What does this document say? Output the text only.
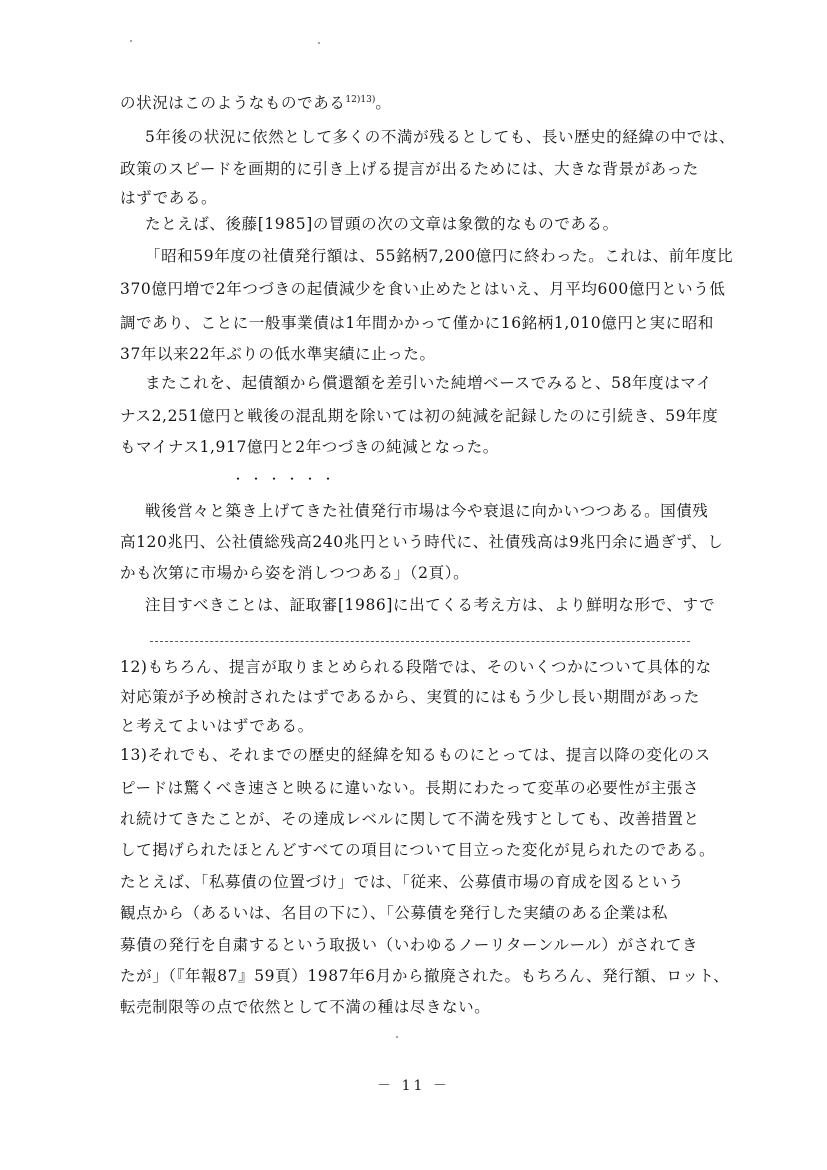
の状況はこのようなものである$^{12)13)}$。
5年後の状況に依然として多くの不満が残るとしても、長い歴史的経緯の中では、
政策のスピードを画期的に引き上げる提言が出るためには、大きな背景があった
はずである。
たとえば、後藤[1985]の冒頭の次の文章は象徴的なものである。
「昭和59年度の社債発行額は、55銘柄7,200億円に終わった。これは、前年度比
370億円増で2年つづきの起債減少を食い止めたとはいえ、月平均600億円という低
調であり、ことに一般事業債は1年間かかって僅かに16銘柄1,010億円と実に昭和
37年以来22年ぶりの低水準実績に止った。
またこれを、起債額から償還額を差引いた純増ベースでみると、58年度はマイ
ナス2,251億円と戦後の混乱期を除いては初の純減を記録したのに引続き、59年度
もマイナス1,917億円と2年つづきの純減となった。
・・・・・・
戦後営々と築き上げてきた社債発行市場は今や衰退に向かいつつある。国債残
高120兆円、公社債総残高240兆円という時代に、社債残高は9兆円余に過ぎず、し
かも次第に市場から姿を消しつつある」（2頁）。
注目すべきことは、証取審[1986]に出てくる考え方は、より鮮明な形で、すで
12)もちろん、提言が取りまとめられる段階では、そのいくつかについて具体的な
対応策が予め検討されたはずであるから、実質的にはもう少し長い期間があった
と考えてよいはずである。
13)それでも、それまでの歴史的経緯を知るものにとっては、提言以降の変化のス
ピードは驚くべき速さと映るに違いない。長期にわたって変革の必要性が主張さ
れ続けてきたことが、その達成レベルに関して不満を残すとしても、改善措置と
して掲げられたほとんどすべての項目について目立った変化が見られたのである。
たとえば、「私募債の位置づけ」では、「従来、公募債市場の育成を図るという
観点から（あるいは、名目の下に）、「公募債を発行した実績のある企業は私
募債の発行を自粛するという取扱い（いわゆるノーリターンルール）がされてき
たが」（『年報87』59頁）1987年6月から撤廃された。もちろん、発行額、ロット、
転売制限等の点で依然として不満の種は尽きない。
－ 11 －
